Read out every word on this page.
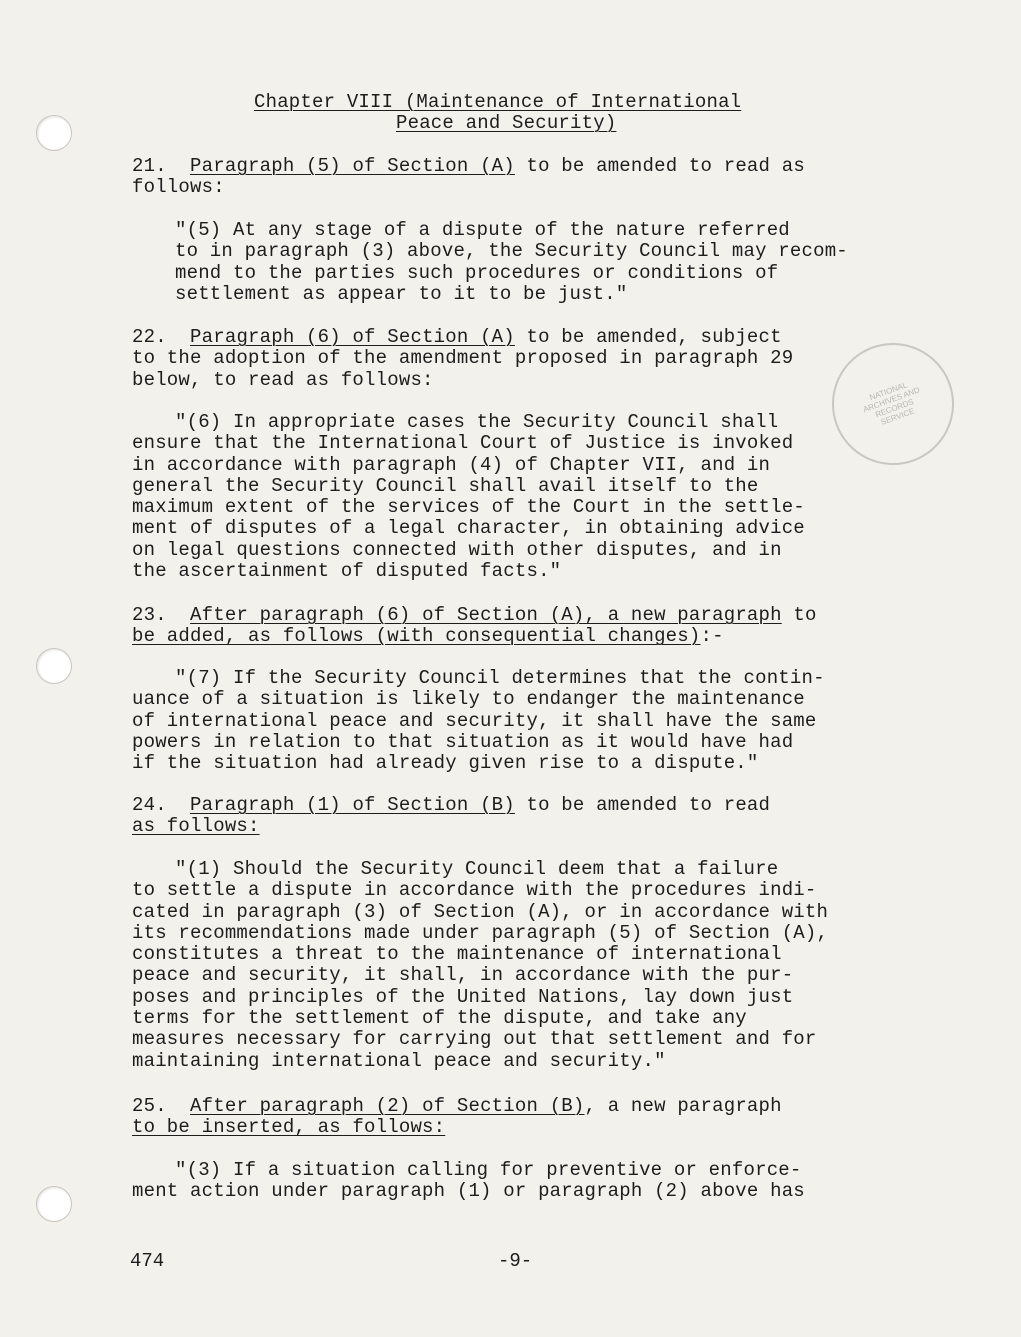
Chapter VIII (Maintenance of International
Peace and Security)
21. Paragraph (5) of Section (A) to be amended to read as
follows:
"(5) At any stage of a dispute of the nature referred
to in paragraph (3) above, the Security Council may recom-
mend to the parties such procedures or conditions of
settlement as appear to it to be just."
22. Paragraph (6) of Section (A) to be amended, subject
to the adoption of the amendment proposed in paragraph 29
below, to read as follows:
"(6) In appropriate cases the Security Council shall
ensure that the International Court of Justice is invoked
in accordance with paragraph (4) of Chapter VII, and in
general the Security Council shall avail itself to the
maximum extent of the services of the Court in the settle-
ment of disputes of a legal character, in obtaining advice
on legal questions connected with other disputes, and in
the ascertainment of disputed facts."
23. After paragraph (6) of Section (A), a new paragraph to
be added, as follows (with consequential changes):-
"(7) If the Security Council determines that the contin-
uance of a situation is likely to endanger the maintenance
of international peace and security, it shall have the same
powers in relation to that situation as it would have had
if the situation had already given rise to a dispute."
24. Paragraph (1) of Section (B) to be amended to read
as follows:
"(1) Should the Security Council deem that a failure
to settle a dispute in accordance with the procedures indi-
cated in paragraph (3) of Section (A), or in accordance with
its recommendations made under paragraph (5) of Section (A),
constitutes a threat to the maintenance of international
peace and security, it shall, in accordance with the pur-
poses and principles of the United Nations, lay down just
terms for the settlement of the dispute, and take any
measures necessary for carrying out that settlement and for
maintaining international peace and security."
25. After paragraph (2) of Section (B), a new paragraph
to be inserted, as follows:
"(3) If a situation calling for preventive or enforce-
ment action under paragraph (1) or paragraph (2) above has
NATIONAL ARCHIVES AND RECORDS SERVICE
474	-9-
